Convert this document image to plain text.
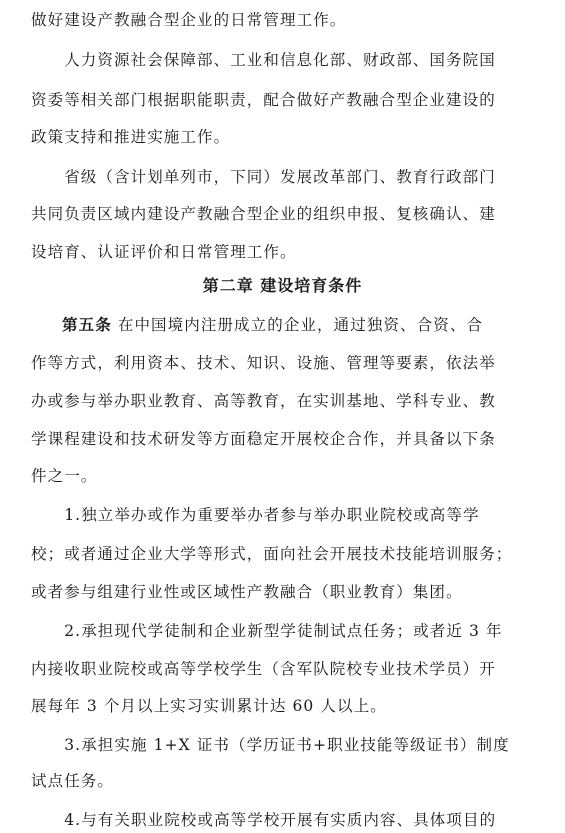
做好建设产教融合型企业的日常管理工作。
　　人力资源社会保障部、工业和信息化部、财政部、国务院国
资委等相关部门根据职能职责，配合做好产教融合型企业建设的
政策支持和推进实施工作。
　　省级（含计划单列市，下同）发展改革部门、教育行政部门
共同负责区域内建设产教融合型企业的组织申报、复核确认、建
设培育、认证评价和日常管理工作。
第二章 建设培育条件
第五条 在中国境内注册成立的企业，通过独资、合资、合
作等方式，利用资本、技术、知识、设施、管理等要素，依法举
办或参与举办职业教育、高等教育，在实训基地、学科专业、教
学课程建设和技术研发等方面稳定开展校企合作，并具备以下条
件之一。
　　1.独立举办或作为重要举办者参与举办职业院校或高等学
校；或者通过企业大学等形式，面向社会开展技术技能培训服务；
或者参与组建行业性或区域性产教融合（职业教育）集团。
　　2.承担现代学徒制和企业新型学徒制试点任务；或者近 3 年
内接收职业院校或高等学校学生（含军队院校专业技术学员）开
展每年 3 个月以上实习实训累计达 60 人以上。
　　3.承担实施 1+X 证书（学历证书+职业技能等级证书）制度
试点任务。
　　4.与有关职业院校或高等学校开展有实质内容、具体项目的
